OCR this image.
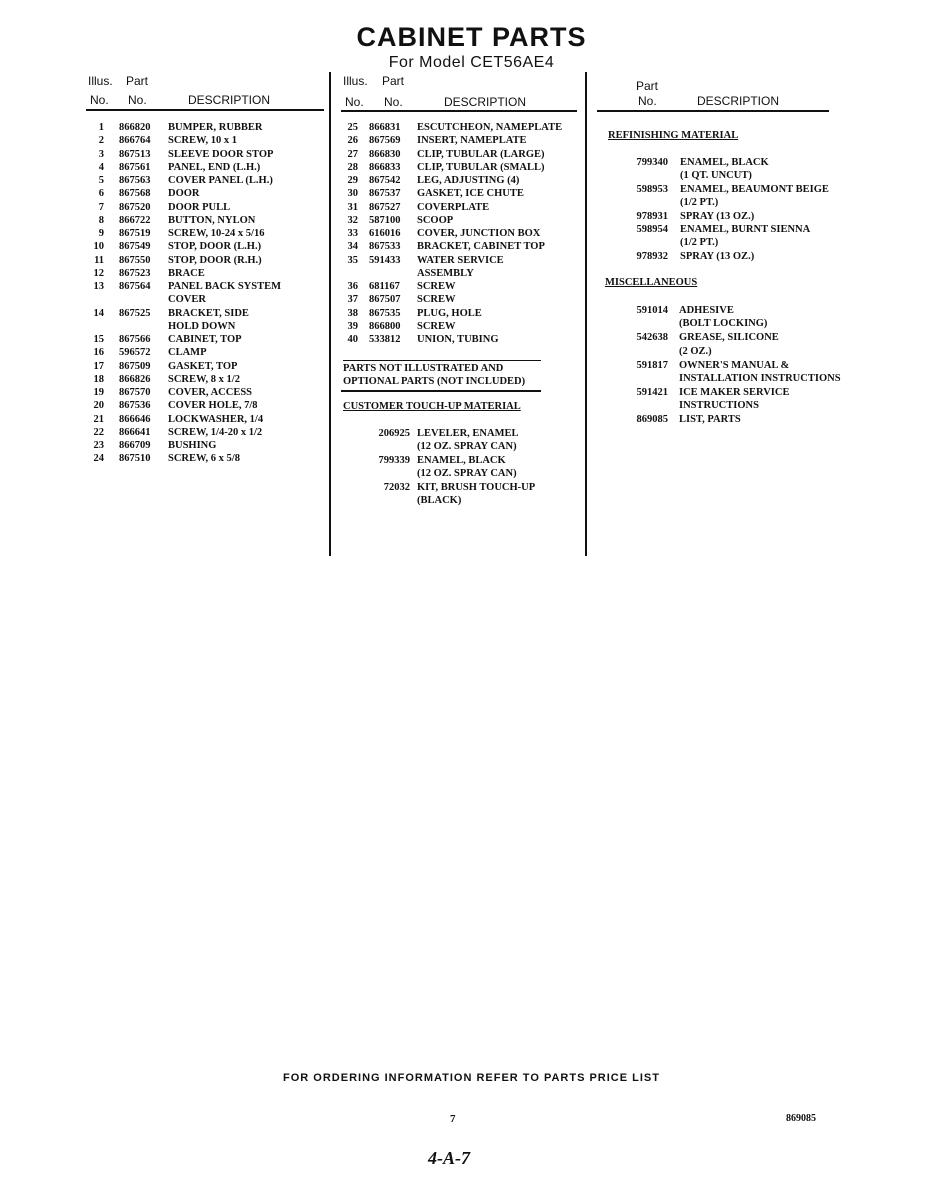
CABINET PARTS
For Model CET56AE4
Illus. Part
No. No.	DESCRIPTION
Illus. Part
No. No.	DESCRIPTION
Part
No.	DESCRIPTION
1 866820 BUMPER, RUBBER
2 866764 SCREW, 10 x 1
3 867513 SLEEVE DOOR STOP
4 867561 PANEL, END (L.H.)
5 867563 COVER PANEL (L.H.)
6 867568 DOOR
7 867520 DOOR PULL
8 866722 BUTTON, NYLON
9 867519 SCREW, 10-24 x 5/16
10 867549 STOP, DOOR (L.H.)
11 867550 STOP, DOOR (R.H.)
12 867523 BRACE
13 867564 PANEL BACK SYSTEM
COVER
14 867525 BRACKET, SIDE
HOLD DOWN
15 867566 CABINET, TOP
16 596572 CLAMP
17 867509 GASKET, TOP
18 866826 SCREW, 8 x 1/2
19 867570 COVER, ACCESS
20 867536 COVER HOLE, 7/8
21 866646 LOCKWASHER, 1/4
22 866641 SCREW, 1/4-20 x 1/2
23 866709 BUSHING
24 867510 SCREW, 6 x 5/8
25 866831 ESCUTCHEON, NAMEPLATE
26 867569 INSERT, NAMEPLATE
27 866830 CLIP, TUBULAR (LARGE)
28 866833 CLIP, TUBULAR (SMALL)
29 867542 LEG, ADJUSTING (4)
30 867537 GASKET, ICE CHUTE
31 867527 COVERPLATE
32 587100 SCOOP
33 616016 COVER, JUNCTION BOX
34 867533 BRACKET, CABINET TOP
35 591433 WATER SERVICE
ASSEMBLY
36 681167 SCREW
37 867507 SCREW
38 867535 PLUG, HOLE
39 866800 SCREW
40 533812 UNION, TUBING
PARTS NOT ILLUSTRATED AND
OPTIONAL PARTS (NOT INCLUDED)
CUSTOMER TOUCH-UP MATERIAL
206925 LEVELER, ENAMEL
(12 OZ. SPRAY CAN)
799339 ENAMEL, BLACK
(12 OZ. SPRAY CAN)
72032 KIT, BRUSH TOUCH-UP
(BLACK)
REFINISHING MATERIAL
799340 ENAMEL, BLACK
(1 QT. UNCUT)
598953 ENAMEL, BEAUMONT BEIGE
(1/2 PT.)
978931 SPRAY (13 OZ.)
598954 ENAMEL, BURNT SIENNA
(1/2 PT.)
978932 SPRAY (13 OZ.)
MISCELLANEOUS
591014 ADHESIVE
(BOLT LOCKING)
542638 GREASE, SILICONE
(2 OZ.)
591817 OWNER'S MANUAL &
INSTALLATION INSTRUCTIONS
591421 ICE MAKER SERVICE
INSTRUCTIONS
869085 LIST, PARTS
FOR ORDERING INFORMATION REFER TO PARTS PRICE LIST
7	869085
4-A-7
